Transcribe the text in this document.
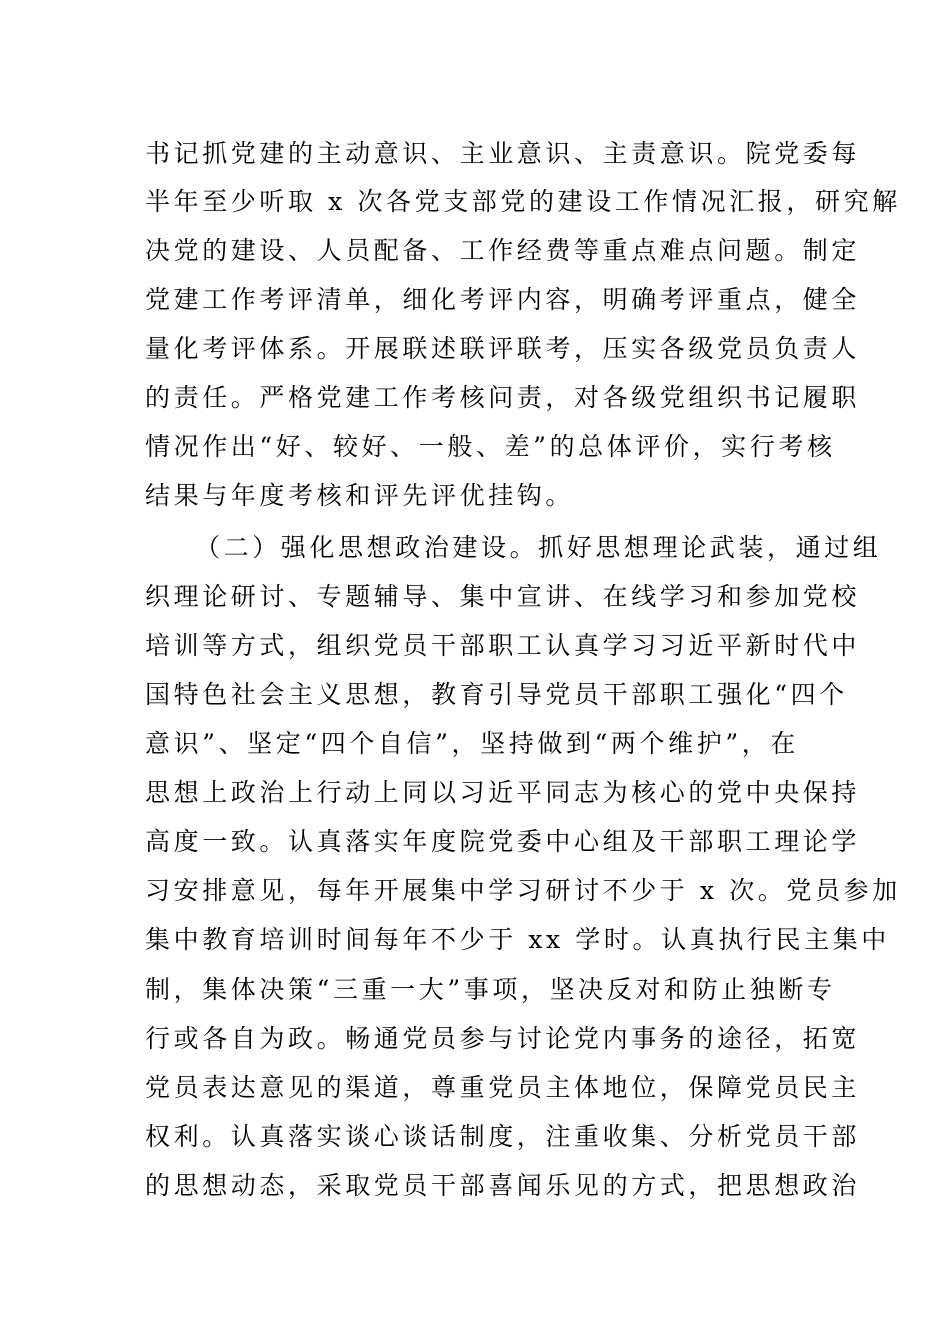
书记抓党建的主动意识、主业意识、主责意识。院党委每
半年至少听取 x 次各党支部党的建设工作情况汇报，研究解
决党的建设、人员配备、工作经费等重点难点问题。制定
党建工作考评清单，细化考评内容，明确考评重点，健全
量化考评体系。开展联述联评联考，压实各级党员负责人
的责任。严格党建工作考核问责，对各级党组织书记履职
情况作出“好、较好、一般、差”的总体评价，实行考核
结果与年度考核和评先评优挂钩。
（二）强化思想政治建设。抓好思想理论武装，通过组
织理论研讨、专题辅导、集中宣讲、在线学习和参加党校
培训等方式，组织党员干部职工认真学习习近平新时代中
国特色社会主义思想，教育引导党员干部职工强化“四个
意识”、坚定“四个自信”，坚持做到“两个维护”，在
思想上政治上行动上同以习近平同志为核心的党中央保持
高度一致。认真落实年度院党委中心组及干部职工理论学
习安排意见，每年开展集中学习研讨不少于 x 次。党员参加
集中教育培训时间每年不少于 xx 学时。认真执行民主集中
制，集体决策“三重一大”事项，坚决反对和防止独断专
行或各自为政。畅通党员参与讨论党内事务的途径，拓宽
党员表达意见的渠道，尊重党员主体地位，保障党员民主
权利。认真落实谈心谈话制度，注重收集、分析党员干部
的思想动态，采取党员干部喜闻乐见的方式，把思想政治
